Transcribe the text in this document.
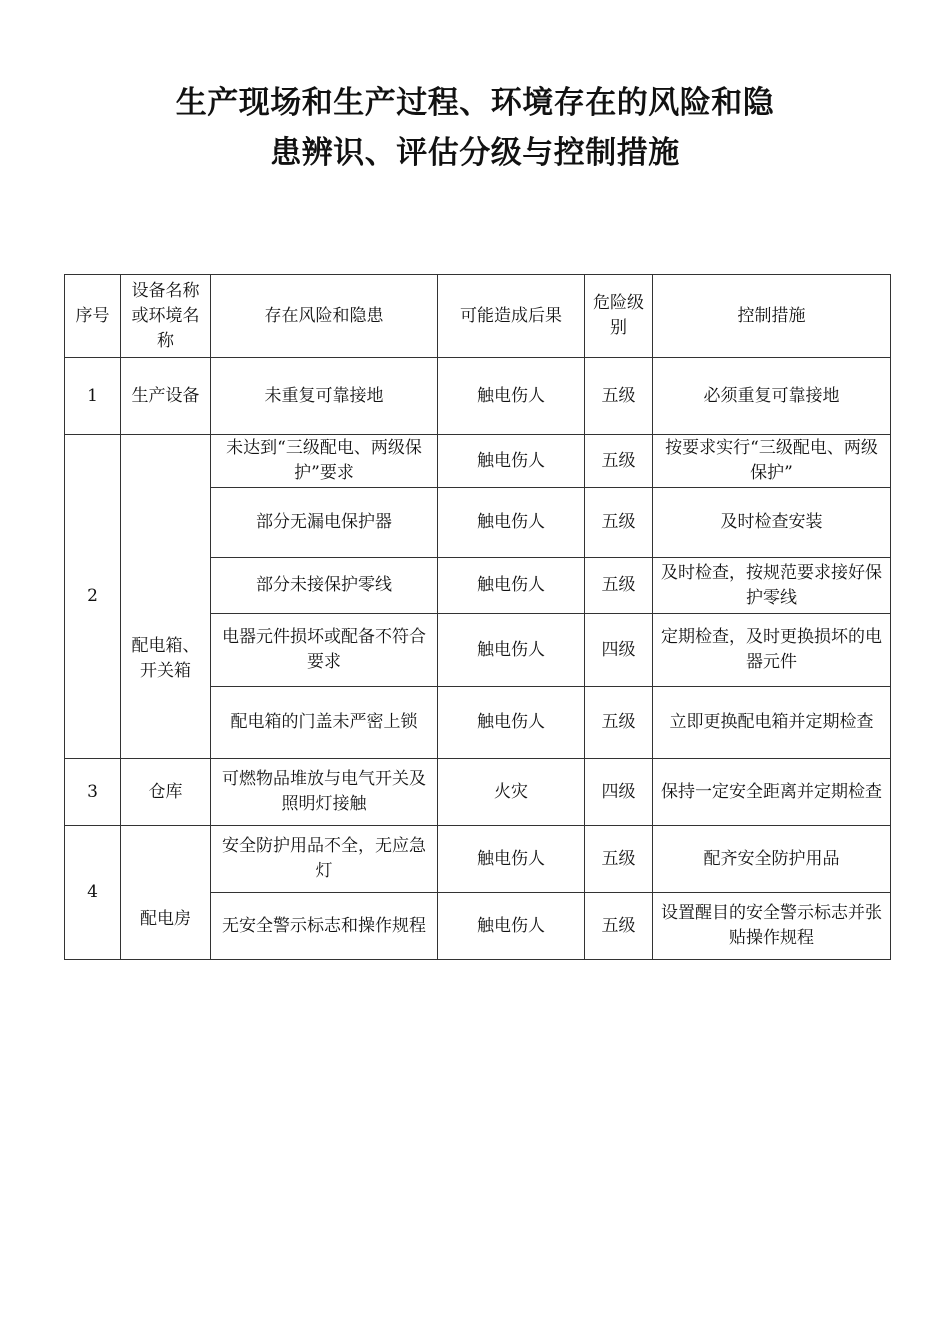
生产现场和生产过程、环境存在的风险和隐
患辨识、评估分级与控制措施
序号	设备名称或环境名称	存在风险和隐患	可能造成后果	危险级别	控制措施
1	生产设备	未重复可靠接地	触电伤人	五级	必须重复可靠接地
2	配电箱、开关箱	未达到“三级配电、两级保护”要求	触电伤人	五级	按要求实行“三级配电、两级保护”
		部分无漏电保护器	触电伤人	五级	及时检查安装
		部分未接保护零线	触电伤人	五级	及时检查，按规范要求接好保护零线
		电器元件损坏或配备不符合要求	触电伤人	四级	定期检查，及时更换损坏的电器元件
		配电箱的门盖未严密上锁	触电伤人	五级	立即更换配电箱并定期检查
3	仓库	可燃物品堆放与电气开关及照明灯接触	火灾	四级	保持一定安全距离并定期检查
4	配电房	安全防护用品不全，无应急灯	触电伤人	五级	配齐安全防护用品
		无安全警示标志和操作规程	触电伤人	五级	设置醒目的安全警示标志并张贴操作规程
